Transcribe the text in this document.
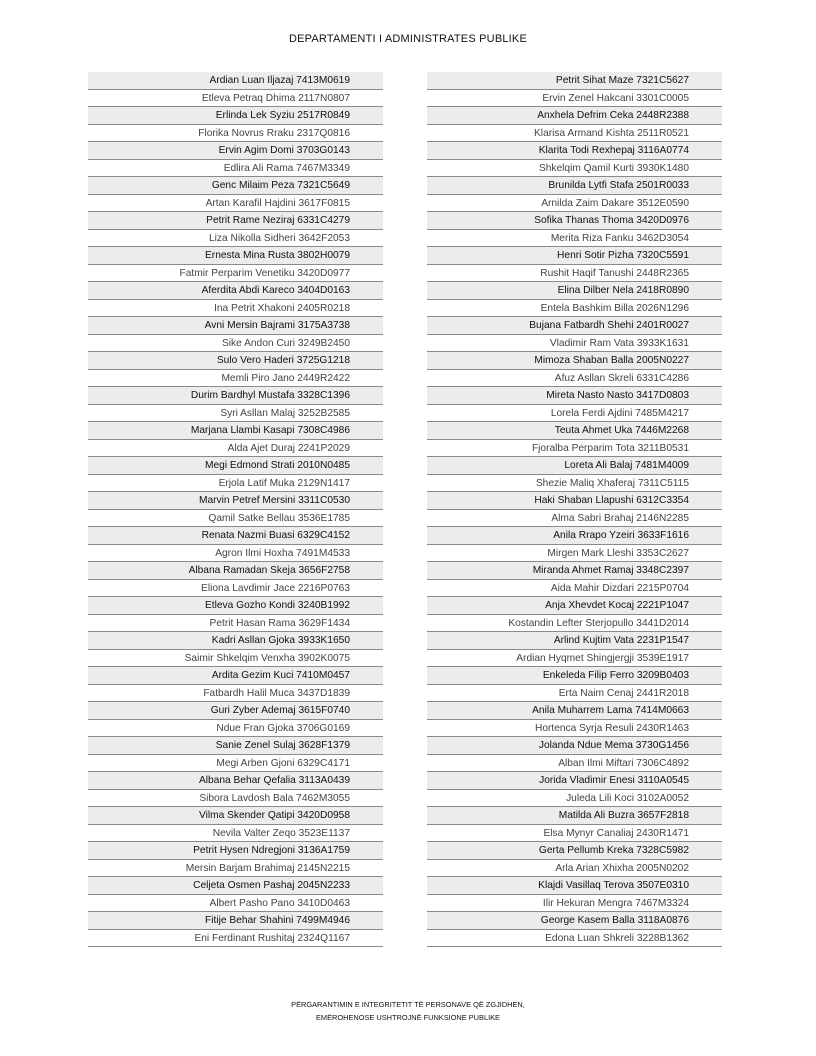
DEPARTAMENTI I ADMINISTRATES PUBLIKE
Ardian Luan Iljazaj 7413M0619
Etleva Petraq Dhima 2117N0807
Erlinda Lek Syziu 2517R0849
Florika Novrus Rraku 2317Q0816
Ervin Agim Domi 3703G0143
Edlira Ali Rama 7467M3349
Genc Milaim Peza 7321C5649
Artan Karafil Hajdini 3617F0815
Petrit Rame Neziraj 6331C4279
Liza Nikolla Sidheri 3642F2053
Ernesta Mina Rusta 3802H0079
Fatmir Perparim Venetiku 3420D0977
Aferdita Abdi Kareco 3404D0163
Ina Petrit Xhakoni 2405R0218
Avni Mersin Bajrami 3175A3738
Sike Andon Curi 3249B2450
Sulo Vero Haderi 3725G1218
Memli Piro Jano 2449R2422
Durim Bardhyl Mustafa 3328C1396
Syri Asllan Malaj 3252B2585
Marjana Llambi Kasapi 7308C4986
Alda Ajet Duraj 2241P2029
Megi Edmond Strati 2010N0485
Erjola Latif Muka 2129N1417
Marvin Petref Mersini 3311C0530
Qamil Satke Bellau 3536E1785
Renata Nazmi Buasi 6329C4152
Agron Ilmi Hoxha 7491M4533
Albana Ramadan Skeja 3656F2758
Eliona Lavdimir Jace 2216P0763
Etleva Gozho Kondi 3240B1992
Petrit Hasan Rama 3629F1434
Kadri Asllan Gjoka 3933K1650
Saimir Shkelqim Venxha 3902K0075
Ardita Gezim Kuci 7410M0457
Fatbardh Halil Muca 3437D1839
Guri Zyber Ademaj 3615F0740
Ndue Fran Gjoka 3706G0169
Sanie Zenel Sulaj 3628F1379
Megi Arben Gjoni 6329C4171
Albana Behar Qefalia 3113A0439
Sibora Lavdosh Bala 7462M3055
Vilma Skender Qatipi 3420D0958
Nevila Valter Zeqo 3523E1137
Petrit Hysen Ndregjoni 3136A1759
Mersin Barjam Brahimaj 2145N2215
Celjeta Osmen Pashaj 2045N2233
Albert Pasho Pano 3410D0463
Fitije Behar Shahini 7499M4946
Eni Ferdinant Rushitaj 2324Q1167
Petrit Sihat Maze 7321C5627
Ervin Zenel Hakcani 3301C0005
Anxhela Defrim Ceka 2448R2388
Klarisa Armand Kishta 2511R0521
Klarita Todi Rexhepaj 3116A0774
Shkelqim Qamil Kurti 3930K1480
Brunilda Lytfi Stafa 2501R0033
Arnilda Zaim Dakare 3512E0590
Sofika Thanas Thoma 3420D0976
Merita Riza Fanku 3462D3054
Henri Sotir Pizha 7320C5591
Rushit Haqif Tanushi 2448R2365
Elina Dilber Nela 2418R0890
Entela Bashkim Billa 2026N1296
Bujana Fatbardh Shehi 2401R0027
Vladimir Ram Vata 3933K1631
Mimoza Shaban Balla 2005N0227
Afuz Asllan Skreli 6331C4286
Mireta Nasto Nasto 3417D0803
Lorela Ferdi Ajdini 7485M4217
Teuta Ahmet Uka 7446M2268
Fjoralba Perparim Tota 3211B0531
Loreta Ali Balaj 7481M4009
Shezie Maliq Xhaferaj 7311C5115
Haki Shaban Llapushi 6312C3354
Alma Sabri Brahaj 2146N2285
Anila Rrapo Yzeiri 3633F1616
Mirgen Mark Lleshi 3353C2627
Miranda Ahmet Ramaj 3348C2397
Aida Mahir Dizdari 2215P0704
Anja Xhevdet Kocaj 2221P1047
Kostandin Lefter Sterjopullo 3441D2014
Arlind Kujtim Vata 2231P1547
Ardian Hyqmet Shingjergji 3539E1917
Enkeleda Filip Ferro 3209B0403
Erta Naim Cenaj 2441R2018
Anila Muharrem Lama 7414M0663
Hortenca Syrja Resuli 2430R1463
Jolanda Ndue Mema 3730G1456
Alban Ilmi Miftari 7306C4892
Jorida Vladimir Enesi 3110A0545
Juleda Lili Koci 3102A0052
Matilda Ali Buzra 3657F2818
Elsa Mynyr Canaliaj 2430R1471
Gerta Pellumb Kreka 7328C5982
Arla Arian Xhixha 2005N0202
Klajdi Vasillaq Terova 3507E0310
Ilir Hekuran Mengra 7467M3324
George Kasem Balla 3118A0876
Edona Luan Shkreli 3228B1362
PËRGARANTIMIN E INTEGRITETIT TË PERSONAVE QË ZGJIDHEN,
EMËROHENOSE USHTROJNË FUNKSIONE PUBLIKE
